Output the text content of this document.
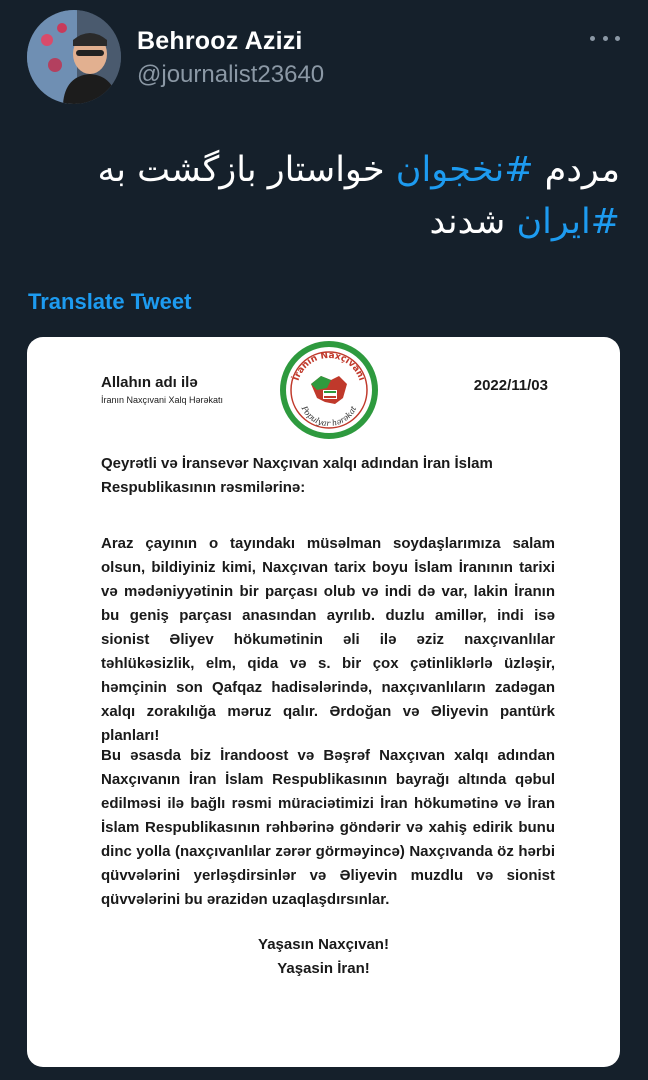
Behrooz Azizi
@journalist23640
مردم #نخجوان خواستار بازگشت به #ایران شدند
Translate Tweet
Allahın adı ilə
İranın Naxçıvani Xalq Hərəkatı
İranın Naxçıvanı
Populyar hərəkat
2022/11/03
Qeyrətli və İransevər Naxçıvan xalqı adından İran İslam Respublikasının rəsmilərinə:
Araz çayının o tayındakı müsəlman soydaşlarımıza salam olsun, bildiyiniz kimi, Naxçıvan tarix boyu İslam İranının tarixi və mədəniyyətinin bir parçası olub və indi də var, lakin İranın bu geniş parçası anasından ayrılıb. duzlu amillər, indi isə sionist Əliyev hökumətinin əli ilə əziz naxçıvanlılar təhlükəsizlik, elm, qida və s. bir çox çətinliklərlə üzləşir, həmçinin son Qafqaz hadisələrində, naxçıvanlıların zadəgan xalqı zorakılığa məruz qalır. Ərdoğan və Əliyevin pantürk planları!
Bu əsasda biz İrandoost və Bəşrəf Naxçıvan xalqı adından Naxçıvanın İran İslam Respublikasının bayrağı altında qəbul edilməsi ilə bağlı rəsmi müraciətimizi İran hökumətinə və İran İslam Respublikasının rəhbərinə göndərir və xahiş edirik bunu dinc yolla (naxçıvanlılar zərər görməyincə) Naxçıvanda öz hərbi qüvvələrini yerləşdirsinlər və Əliyevin muzdlu və sionist qüvvələrini bu ərazidən uzaqlaşdırsınlar.
Yaşasın Naxçıvan!
Yaşasin İran!
